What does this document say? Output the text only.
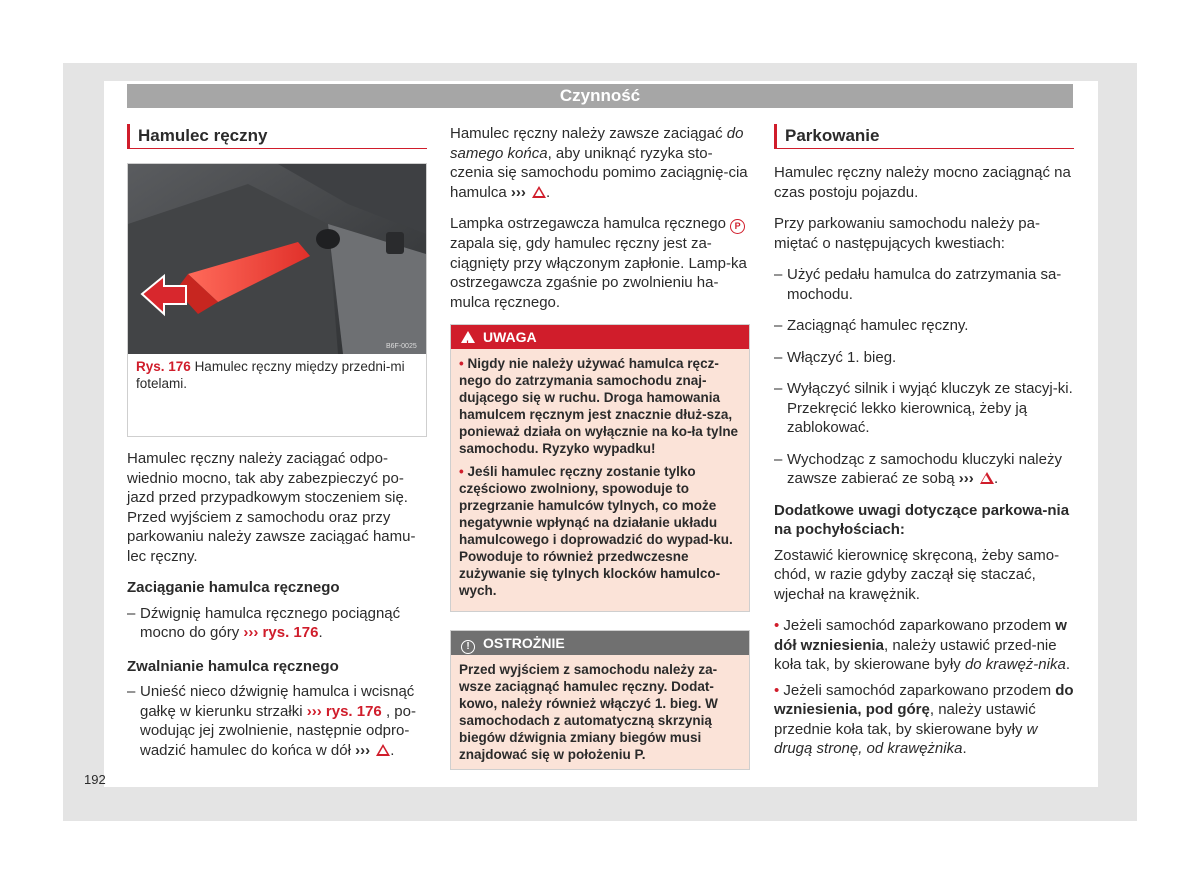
Czynność
Hamulec ręczny
B6F-0025
Rys. 176 Hamulec ręczny między przedni-mi fotelami.

Hamulec ręczny należy zaciągać odpo-wiednio mocno, tak aby zabezpieczyć po-jazd przed przypadkowym stoczeniem się. Przed wyjściem z samochodu oraz przy parkowaniu należy zawsze zaciągać hamu-lec ręczny.

Zaciąganie hamulca ręcznego

– Dźwignię hamulca ręcznego pociągnąć mocno do góry ››› rys. 176.

Zwalnianie hamulca ręcznego

– Unieść nieco dźwignię hamulca i wcisnąć gałkę w kierunku strzałki ››› rys. 176 , po-wodując jej zwolnienie, następnie odpro-wadzić hamulec do końca w dół ››› .

Hamulec ręczny należy zawsze zaciągać do samego końca, aby uniknąć ryzyka sto-czenia się samochodu pomimo zaciągnię-cia hamulca ››› .

Lampka ostrzegawcza hamulca ręcznego P zapala się, gdy hamulec ręczny jest za-ciągnięty przy włączonym zapłonie. Lamp-ka ostrzegawcza zgaśnie po zwolnieniu ha-mulca ręcznego.

!UWAGA

• Nigdy nie należy używać hamulca ręcz-nego do zatrzymania samochodu znaj-dującego się w ruchu. Droga hamowania hamulcem ręcznym jest znacznie dłuż-sza, ponieważ działa on wyłącznie na ko-ła tylne samochodu. Ryzyko wypadku!

• Jeśli hamulec ręczny zostanie tylko częściowo zwolniony, spowoduje to przegrzanie hamulców tylnych, co może negatywnie wpłynąć na działanie układu hamulcowego i doprowadzić do wypad-ku. Powoduje to również przedwczesne zużywanie się tylnych klocków hamulco-wych.

! OSTROŻNIE

Przed wyjściem z samochodu należy za-wsze zaciągnąć hamulec ręczny. Dodat-kowo, należy również włączyć 1. bieg. W samochodach z automatyczną skrzynią biegów dźwignia zmiany biegów musi znajdować się w położeniu P.

Parkowanie

Hamulec ręczny należy mocno zaciągnąć na czas postoju pojazdu.

Przy parkowaniu samochodu należy pa-miętać o następujących kwestiach:

– Użyć pedału hamulca do zatrzymania sa-mochodu.
– Zaciągnąć hamulec ręczny.
– Włączyć 1. bieg.
– Wyłączyć silnik i wyjąć kluczyk ze stacyj-ki. Przekręcić lekko kierownicą, żeby ją zablokować.
– Wychodząc z samochodu kluczyki należy zawsze zabierać ze sobą ››› .

Dodatkowe uwagi dotyczące parkowa-nia na pochyłościach:

Zostawić kierownicę skręconą, żeby samo-chód, w razie gdyby zaczął się staczać, wjechał na krawężnik.

• Jeżeli samochód zaparkowano przodem w dół wzniesienia, należy ustawić przed-nie koła tak, by skierowane były do krawęż-nika.

• Jeżeli samochód zaparkowano przodem do wzniesienia, pod górę, należy ustawić przednie koła tak, by skierowane były w drugą stronę, od krawężnika.

192
